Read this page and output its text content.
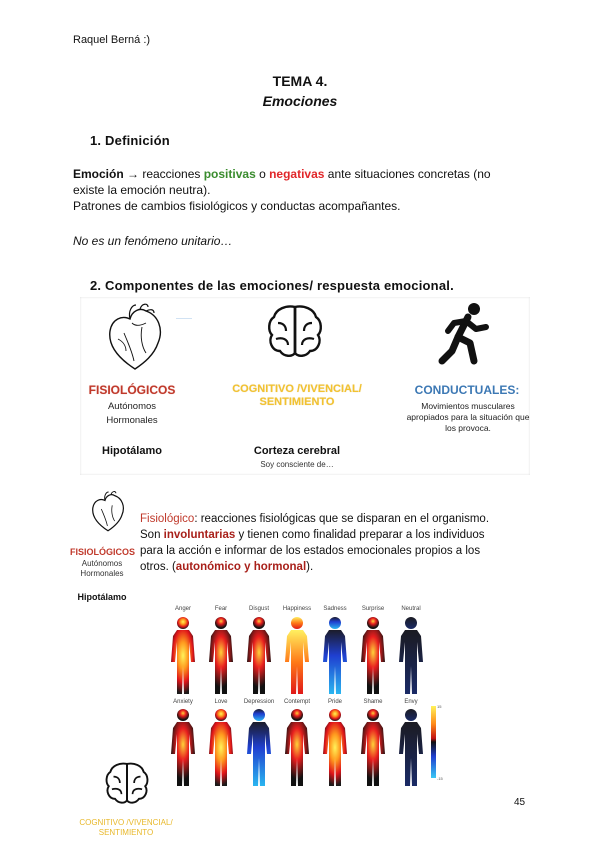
Raquel Berná :)
TEMA 4.
Emociones
1. Definición
Emoción → reacciones positivas o negativas ante situaciones concretas (no
existe la emoción neutra).
Patrones de cambios fisiológicos y conductas acompañantes.
No es un fenómeno unitario…
2. Componentes de las emociones/ respuesta emocional.
————
FISIOLÓGICOS
Autónomos
Hormonales
Hipotálamo
COGNITIVO /VIVENCIAL/ SENTIMIENTO
Corteza cerebral
Soy consciente de…
CONDUCTUALES:
Movimientos musculares apropiados para la situación que los provoca.
FISIOLÓGICOS
Autónomos
Hormonales
Hipotálamo
Fisiológico: reacciones fisiológicas que se disparan en el organismo.
Son involuntarias y tienen como finalidad preparar a los individuos
para la acción e informar de los estados emocionales propios a los
otros. (autonómico y hormonal).
Anger	Fear	Disgust	Happiness	Sadness	Surprise	Neutral
Anxiety	Love	Depression	Contempt	Pride	Shame	Envy
15
-15
COGNITIVO /VIVENCIAL/ SENTIMIENTO
45
